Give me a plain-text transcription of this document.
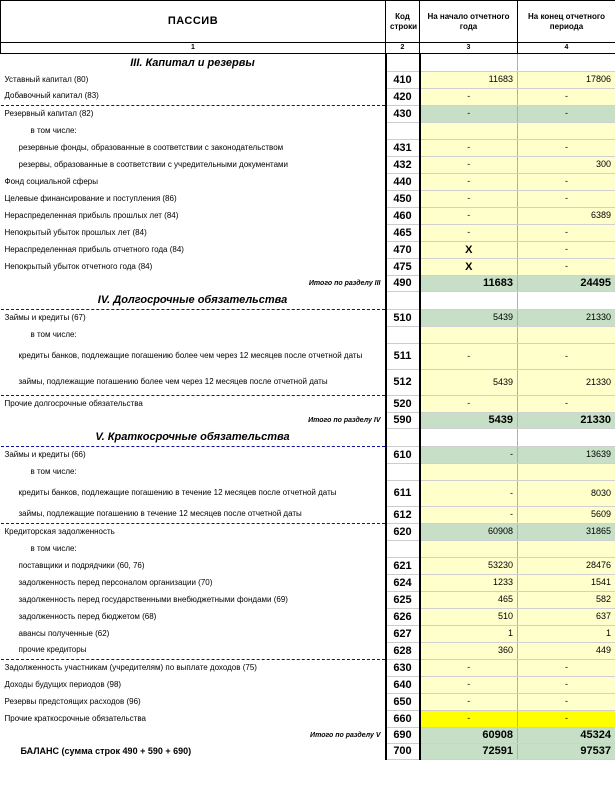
ПАССИВ	Код строки	На начало отчетного года	На конец отчетного периода
1	2	3	4
III. Капитал и резервы			
Уставный капитал (80)	410	11683	17806
Добавочный капитал (83)	420	-	-
Резервный капитал (82)	430	-	-
в том числе:			
резервные фонды, образованные в соответствии с законодательством	431	-	-
резервы, образованные в соответствии с учредительными документами	432	-	300
Фонд социальной сферы	440	-	-
Целевые финансирование и поступления (86)	450	-	-
Нераспределенная прибыль прошлых лет (84)	460	-	6389
Непокрытый убыток прошлых лет (84)	465	-	-
Нераспределенная прибыль отчетного года (84)	470	X	-
Непокрытый убыток отчетного года (84)	475	X	-
Итого по разделу III	490	11683	24495
IV. Долгосрочные обязательства			
Займы и кредиты (67)	510	5439	21330
в том числе:			
кредиты банков, подлежащие погашению более чем через 12 месяцев после отчетной даты	511	-	-
займы, подлежащие погашению более чем через 12 месяцев после отчетной даты	512	5439	21330
Прочие долгосрочные обязательства	520	-	-
Итого по разделу IV	590	5439	21330
V. Краткосрочные обязательства			
Займы и кредиты (66)	610	-	13639
в том числе:			
кредиты банков, подлежащие погашению в течение 12 месяцев после отчетной даты	611	-	8030
займы, подлежащие погашению в течение 12 месяцев после отчетной даты	612	-	5609
Кредиторская задолженность	620	60908	31865
в том числе:			
поставщики и подрядчики (60, 76)	621	53230	28476
задолженность перед персоналом организации (70)	624	1233	1541
задолженность перед государственными внебюджетными фондами (69)	625	465	582
задолженность перед бюджетом (68)	626	510	637
авансы полученные (62)	627	1	1
прочие кредиторы	628	360	449
Задолженность участникам (учредителям) по выплате доходов (75)	630	-	-
Доходы будущих периодов (98)	640	-	-
Резервы предстоящих расходов (96)	650	-	-
Прочие краткосрочные обязательства	660	-	-
Итого по разделу V	690	60908	45324
БАЛАНС (сумма строк 490 + 590 + 690)	700	72591	97537
